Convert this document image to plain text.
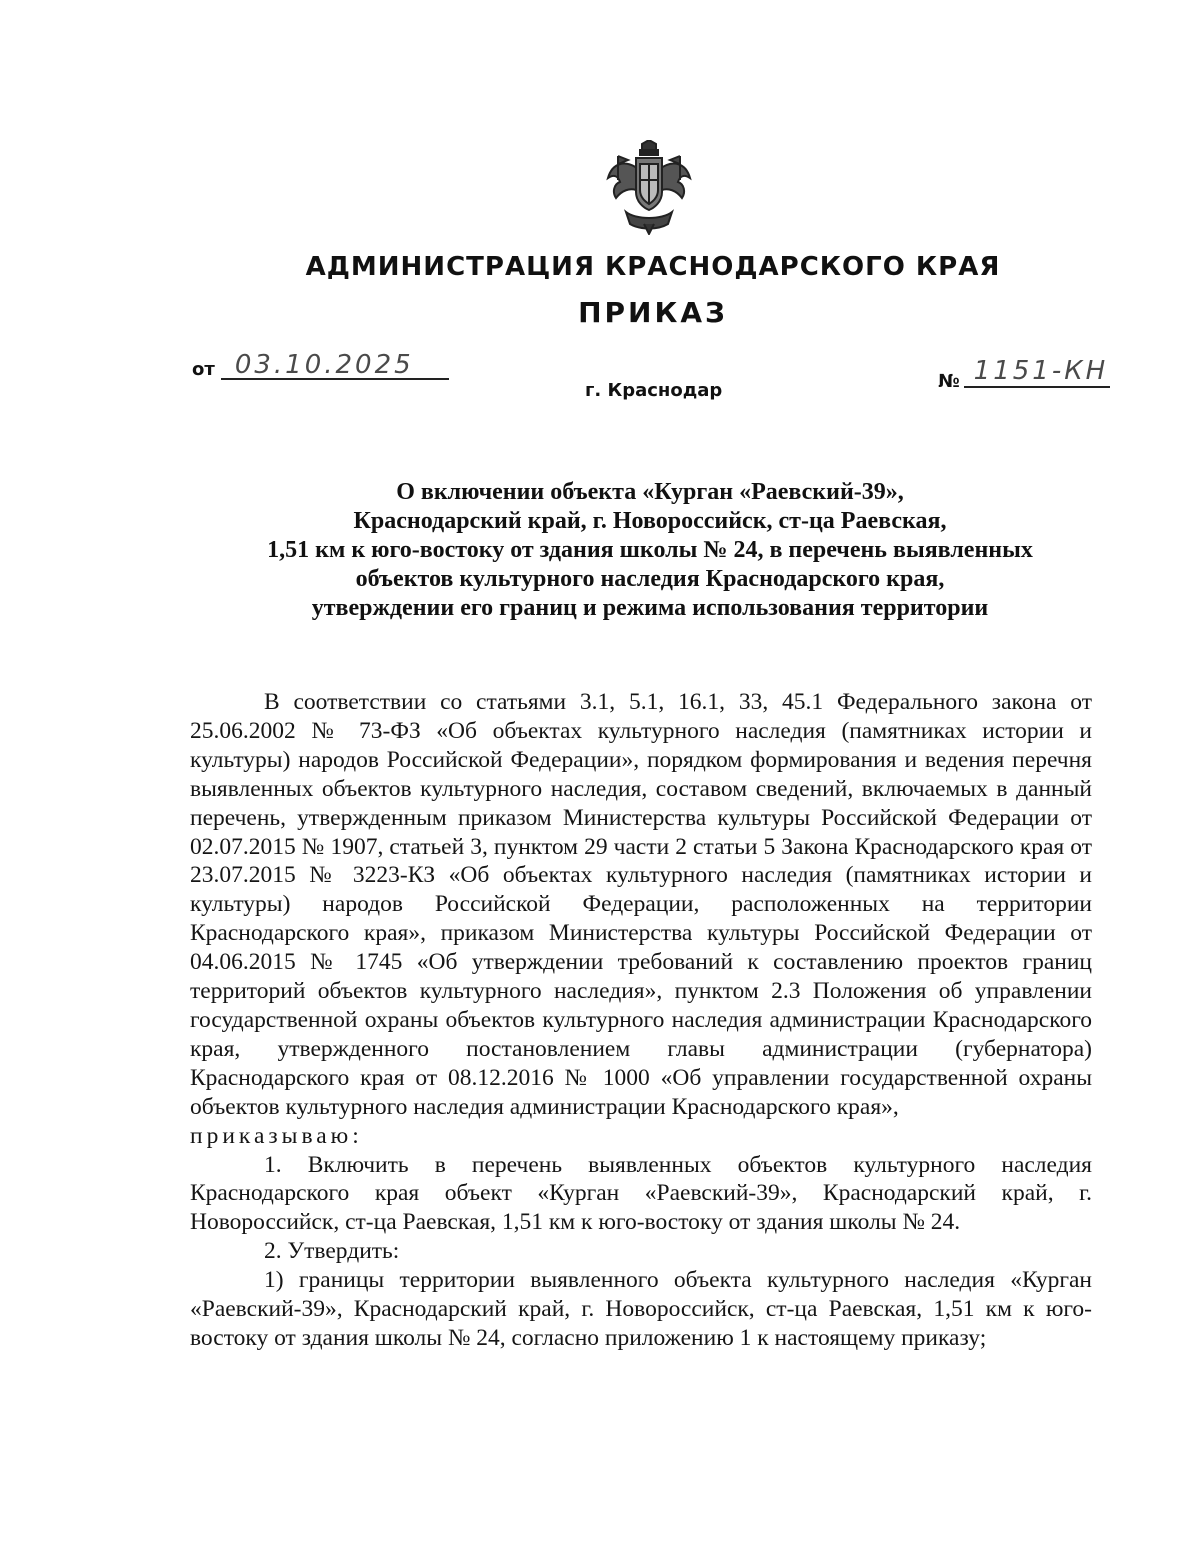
АДМИНИСТРАЦИЯ КРАСНОДАРСКОГО КРАЯ
ПРИКАЗ
от 03.10.2025
№ 1151-КН
г. Краснодар
О включении объекта «Курган «Раевский-39»,
Краснодарский край, г. Новороссийск, ст-ца Раевская,
1,51 км к юго-востоку от здания школы № 24, в перечень выявленных
объектов культурного наследия Краснодарского края,
утверждении его границ и режима использования территории

В соответствии со статьями 3.1, 5.1, 16.1, 33, 45.1 Федерального закона от 25.06.2002 № 73-ФЗ «Об объектах культурного наследия (памятниках истории и культуры) народов Российской Федерации», порядком формирования и ведения перечня выявленных объектов культурного наследия, составом сведений, включаемых в данный перечень, утвержденным приказом Министерства культуры Российской Федерации от 02.07.2015 № 1907, статьей 3, пунктом 29 части 2 статьи 5 Закона Краснодарского края от 23.07.2015 № 3223-КЗ «Об объектах культурного наследия (памятниках истории и культуры) народов Российской Федерации, расположенных на территории Краснодарского края», приказом Министерства культуры Российской Федерации от 04.06.2015 № 1745 «Об утверждении требований к составлению проектов границ территорий объектов культурного наследия», пунктом 2.3 Положения об управлении государственной охраны объектов культурного наследия администрации Краснодарского края, утвержденного постановлением главы администрации (губернатора) Краснодарского края от 08.12.2016 № 1000 «Об управлении государственной охраны объектов культурного наследия администрации Краснодарского края»,
приказываю:

1. Включить в перечень выявленных объектов культурного наследия Краснодарского края объект «Курган «Раевский-39», Краснодарский край, г. Новороссийск, ст-ца Раевская, 1,51 км к юго-востоку от здания школы № 24.

2. Утвердить:

1) границы территории выявленного объекта культурного наследия «Курган «Раевский-39», Краснодарский край, г. Новороссийск, ст-ца Раевская, 1,51 км к юго-востоку от здания школы № 24, согласно приложению 1 к настоящему приказу;
